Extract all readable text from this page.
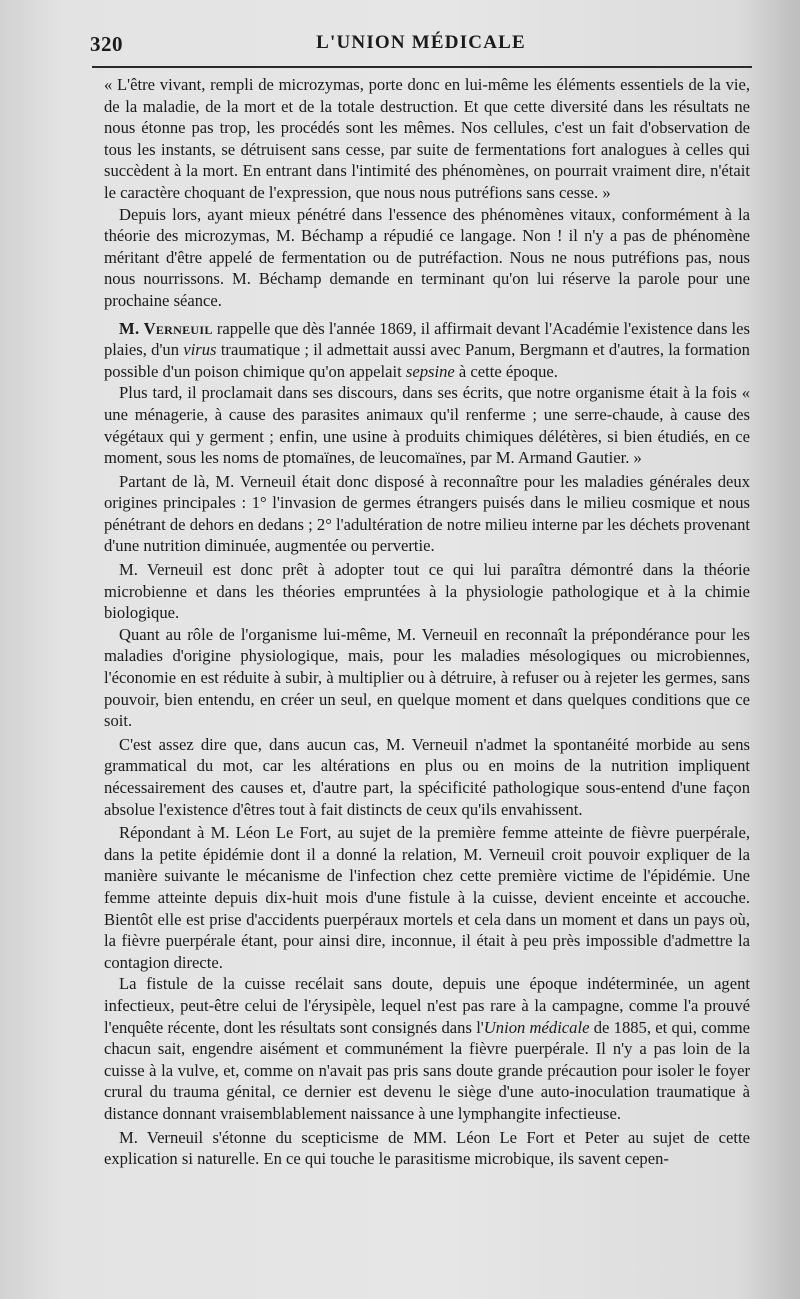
320	L'UNION MÉDICALE

« L'être vivant, rempli de microzymas, porte donc en lui-même les éléments essentiels de la vie, de la maladie, de la mort et de la totale destruction. Et que cette diversité dans les résultats ne nous étonne pas trop, les procédés sont les mêmes. Nos cellules, c'est un fait d'observation de tous les instants, se détruisent sans cesse, par suite de fermentations fort analogues à celles qui succèdent à la mort. En entrant dans l'intimité des phénomènes, on pourrait vraiment dire, n'était le caractère choquant de l'expression, que nous nous putréfions sans cesse. »

Depuis lors, ayant mieux pénétré dans l'essence des phénomènes vitaux, conformément à la théorie des microzymas, M. Béchamp a répudié ce langage. Non ! il n'y a pas de phénomène méritant d'être appelé de fermentation ou de putréfaction. Nous ne nous putréfions pas, nous nous nourrissons. M. Béchamp demande en terminant qu'on lui réserve la parole pour une prochaine séance.

M. Verneuil rappelle que dès l'année 1869, il affirmait devant l'Académie l'existence dans les plaies, d'un virus traumatique ; il admettait aussi avec Panum, Bergmann et d'autres, la formation possible d'un poison chimique qu'on appelait sepsine à cette époque.

Plus tard, il proclamait dans ses discours, dans ses écrits, que notre organisme était à la fois « une ménagerie, à cause des parasites animaux qu'il renferme ; une serre-chaude, à cause des végétaux qui y germent ; enfin, une usine à produits chimiques délétères, si bien étudiés, en ce moment, sous les noms de ptomaïnes, de leucomaïnes, par M. Armand Gautier. »

Partant de là, M. Verneuil était donc disposé à reconnaître pour les maladies générales deux origines principales : 1° l'invasion de germes étrangers puisés dans le milieu cosmique et nous pénétrant de dehors en dedans ; 2° l'adultération de notre milieu interne par les déchets provenant d'une nutrition diminuée, augmentée ou pervertie.

M. Verneuil est donc prêt à adopter tout ce qui lui paraîtra démontré dans la théorie microbienne et dans les théories empruntées à la physiologie pathologique et à la chimie biologique.

Quant au rôle de l'organisme lui-même, M. Verneuil en reconnaît la prépondérance pour les maladies d'origine physiologique, mais, pour les maladies mésologiques ou microbiennes, l'économie en est réduite à subir, à multiplier ou à détruire, à refuser ou à rejeter les germes, sans pouvoir, bien entendu, en créer un seul, en quelque moment et dans quelques conditions que ce soit.

C'est assez dire que, dans aucun cas, M. Verneuil n'admet la spontanéité morbide au sens grammatical du mot, car les altérations en plus ou en moins de la nutrition impliquent nécessairement des causes et, d'autre part, la spécificité pathologique sous-entend d'une façon absolue l'existence d'êtres tout à fait distincts de ceux qu'ils envahissent.

Répondant à M. Léon Le Fort, au sujet de la première femme atteinte de fièvre puerpérale, dans la petite épidémie dont il a donné la relation, M. Verneuil croit pouvoir expliquer de la manière suivante le mécanisme de l'infection chez cette première victime de l'épidémie. Une femme atteinte depuis dix-huit mois d'une fistule à la cuisse, devient enceinte et accouche. Bientôt elle est prise d'accidents puerpéraux mortels et cela dans un moment et dans un pays où, la fièvre puerpérale étant, pour ainsi dire, inconnue, il était à peu près impossible d'admettre la contagion directe.

La fistule de la cuisse recélait sans doute, depuis une époque indéterminée, un agent infectieux, peut-être celui de l'érysipèle, lequel n'est pas rare à la campagne, comme l'a prouvé l'enquête récente, dont les résultats sont consignés dans l'Union médicale de 1885, et qui, comme chacun sait, engendre aisément et communément la fièvre puerpérale. Il n'y a pas loin de la cuisse à la vulve, et, comme on n'avait pas pris sans doute grande précaution pour isoler le foyer crural du trauma génital, ce dernier est devenu le siège d'une auto-inoculation traumatique à distance donnant vraisemblablement naissance à une lymphangite infectieuse.

M. Verneuil s'étonne du scepticisme de MM. Léon Le Fort et Peter au sujet de cette explication si naturelle. En ce qui touche le parasitisme microbique, ils savent cepen-
